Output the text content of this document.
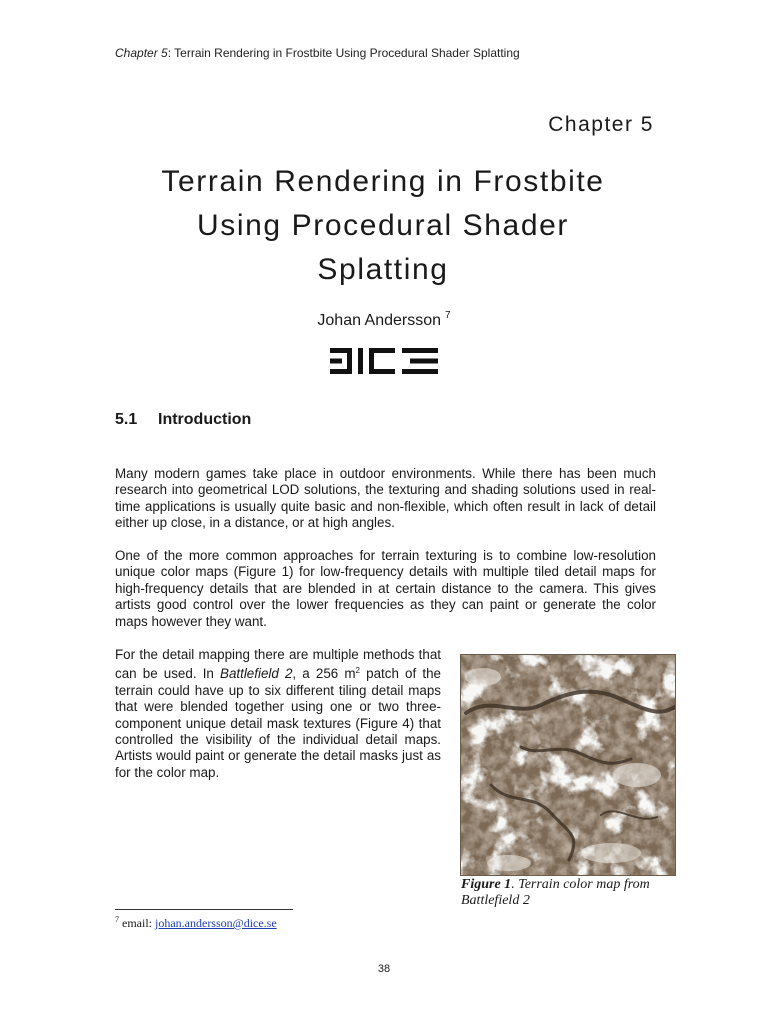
Chapter 5: Terrain Rendering in Frostbite Using Procedural Shader Splatting
Chapter 5
Terrain Rendering in Frostbite
Using Procedural Shader
Splatting
Johan Andersson $^7$
5.1 Introduction

Many modern games take place in outdoor environments. While there has been much research into geometrical LOD solutions, the texturing and shading solutions used in real-time applications is usually quite basic and non-flexible, which often result in lack of detail either up close, in a distance, or at high angles.

One of the more common approaches for terrain texturing is to combine low-resolution unique color maps (Figure 1) for low-frequency details with multiple tiled detail maps for high-frequency details that are blended in at certain distance to the camera. This gives artists good control over the lower frequencies as they can paint or generate the color maps however they want.

For the detail mapping there are multiple methods that can be used. In Battlefield 2, a 256 $m^2$ patch of the terrain could have up to six different tiling detail maps that were blended together using one or two three-component unique detail mask textures (Figure 4) that controlled the visibility of the individual detail maps. Artists would paint or generate the detail masks just as for the color map.

Figure 1. Terrain color map from Battlefield 2

$^7$ email: johan.andersson@dice.se
38
